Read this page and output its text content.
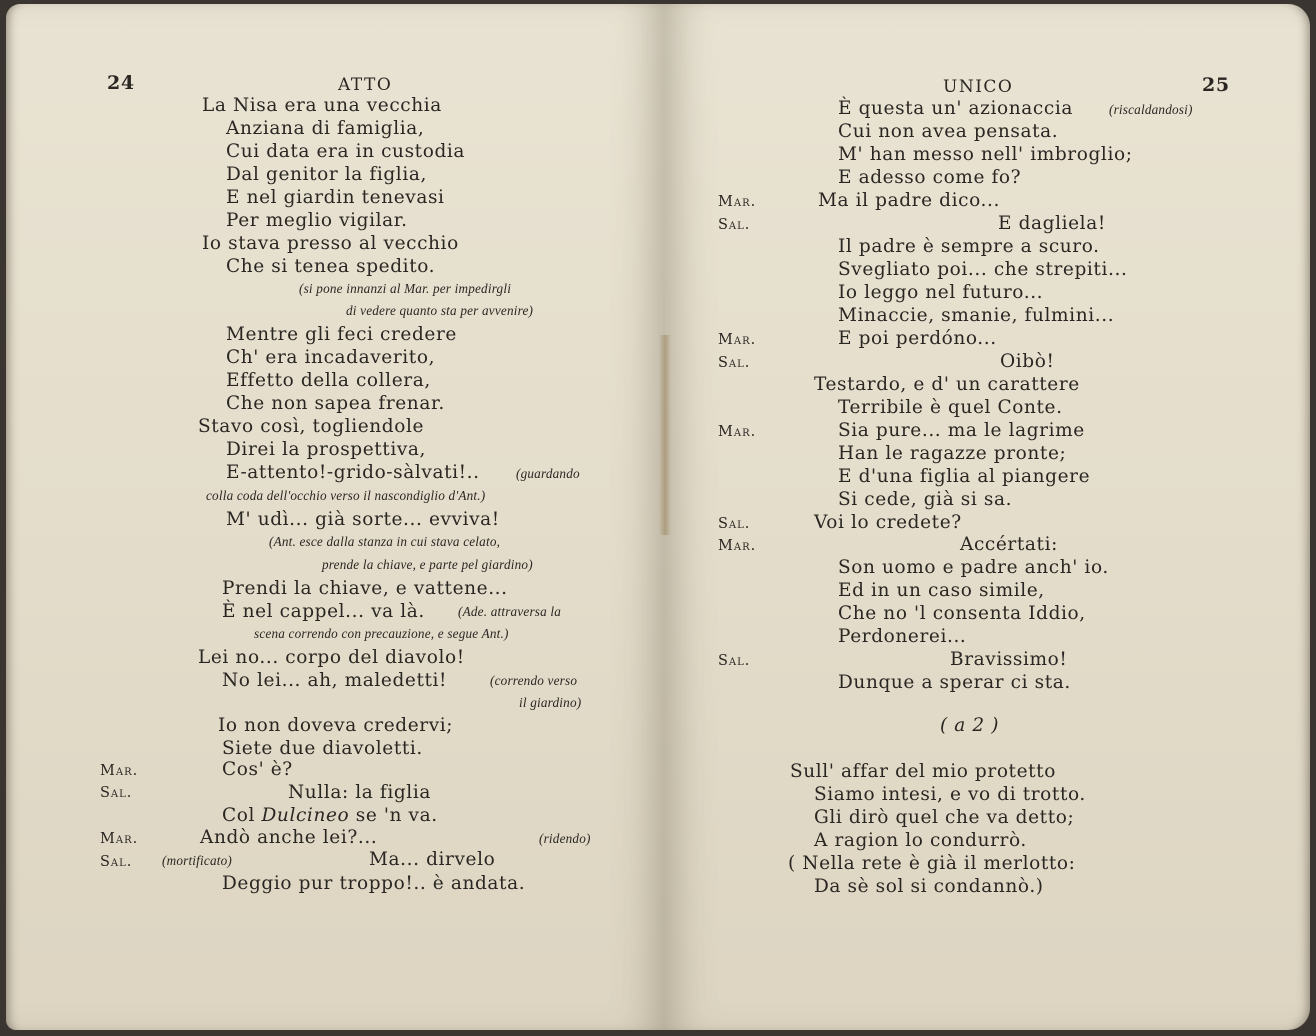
24	ATTO
La Nisa era una vecchia
Anziana di famiglia,
Cui data era in custodia
Dal genitor la figlia,
E nel giardin tenevasi
Per meglio vigilar.
Io stava presso al vecchio
Che si tenea spedito.
(si pone innanzi al Mar. per impedirgli
di vedere quanto sta per avvenire)
Mentre gli feci credere
Ch' era incadaverito,
Effetto della collera,
Che non sapea frenar.
Stavo così, togliendole
Direi la prospettiva,
E-attento!-grido-sàlvati!..	(guardando
colla coda dell'occhio verso il nascondiglio d'Ant.)
M' udì... già sorte... evviva!
(Ant. esce dalla stanza in cui stava celato,
prende la chiave, e parte pel giardino)
Prendi la chiave, e vattene...
È nel cappel... va là.	(Ade. attraversa la
scena correndo con precauzione, e segue Ant.)
Lei no... corpo del diavolo!
No lei... ah, maledetti!	(correndo verso
il giardino)
Io non doveva credervi;
Siete due diavoletti.
Mar.	Cos' è?
Sal.	Nulla: la figlia
Col Dulcineo se 'n va.
Mar.	Andò anche lei?...	(ridendo)
Sal. (mortificato)	Ma... dirvelo
Deggio pur troppo!.. è andata.
UNICO	25
È questa un' azionaccia	(riscaldandosi)
Cui non avea pensata.
M' han messo nell' imbroglio;
E adesso come fo?
Mar.	Ma il padre dico...
Sal.	E dagliela!
Il padre è sempre a scuro.
Svegliato poi... che strepiti...
Io leggo nel futuro...
Minaccie, smanie, fulmini...
Mar.	E poi perdóno...
Sal.	Oibò!
Testardo, e d' un carattere
Terribile è quel Conte.
Mar.	Sia pure... ma le lagrime
Han le ragazze pronte;
E d'una figlia al piangere
Si cede, già si sa.
Sal.	Voi lo credete?
Mar.	Accértati:
Son uomo e padre anch' io.
Ed in un caso simile,
Che no 'l consenta Iddio,
Perdonerei...
Sal.	Bravissimo!
Dunque a sperar ci sta.
( a 2 )
Sull' affar del mio protetto
Siamo intesi, e vo di trotto.
Gli dirò quel che va detto;
A ragion lo condurrò.
( Nella rete è già il merlotto:
Da sè sol si condannò.)
